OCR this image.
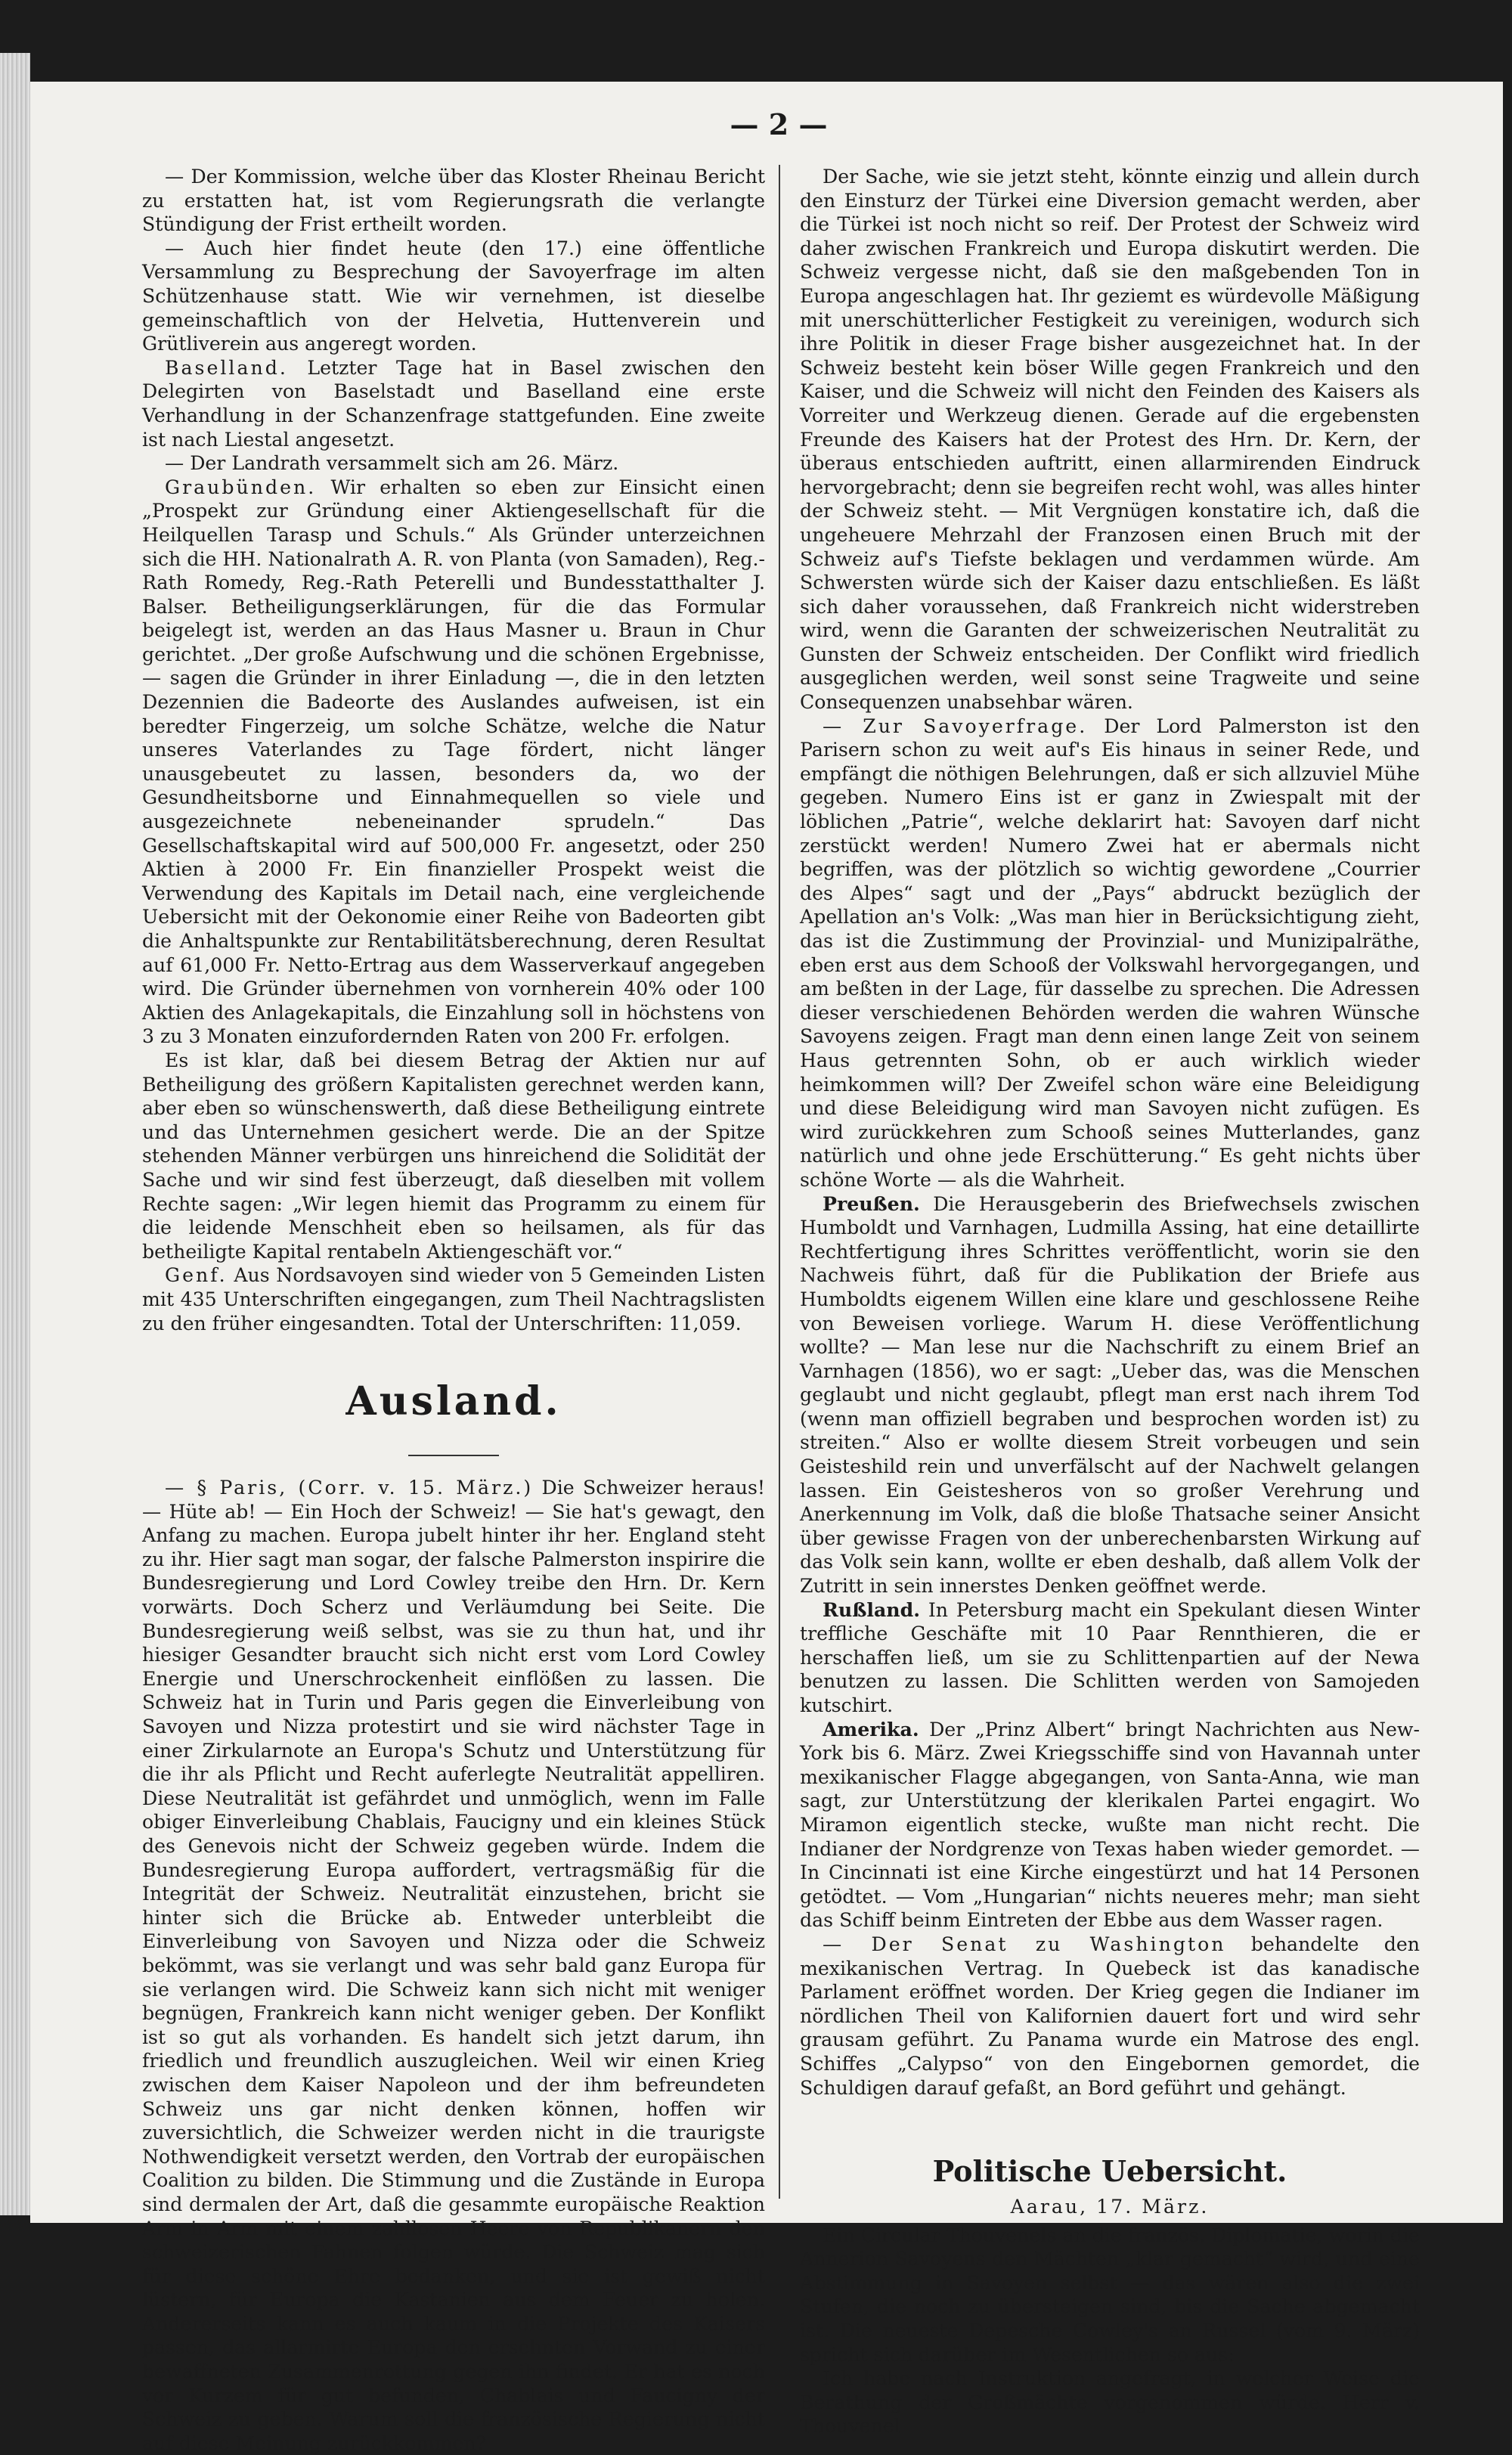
— 2 —

— Der Kommission, welche über das Kloster Rheinau Bericht zu erstatten hat, ist vom Regierungsrath die verlangte Stündigung der Frist ertheilt worden.

— Auch hier findet heute (den 17.) eine öffentliche Versammlung zu Besprechung der Savoyerfrage im alten Schützenhause statt. Wie wir vernehmen, ist dieselbe gemeinschaftlich von der Helvetia, Huttenverein und Grütliverein aus angeregt worden.

Baselland. Letzter Tage hat in Basel zwischen den Delegirten von Baselstadt und Baselland eine erste Verhandlung in der Schanzenfrage stattgefunden. Eine zweite ist nach Liestal angesetzt.

— Der Landrath versammelt sich am 26. März.

Graubünden. Wir erhalten so eben zur Einsicht einen „Prospekt zur Gründung einer Aktiengesellschaft für die Heilquellen Tarasp und Schuls.“ Als Gründer unterzeichnen sich die HH. Nationalrath A. R. von Planta (von Samaden), Reg.-Rath Romedy, Reg.-Rath Peterelli und Bundesstatthalter J. Balser. Betheiligungserklärungen, für die das Formular beigelegt ist, werden an das Haus Masner u. Braun in Chur gerichtet. „Der große Aufschwung und die schönen Ergebnisse, — sagen die Gründer in ihrer Einladung —, die in den letzten Dezennien die Badeorte des Auslandes aufweisen, ist ein beredter Fingerzeig, um solche Schätze, welche die Natur unseres Vaterlandes zu Tage fördert, nicht länger unausgebeutet zu lassen, besonders da, wo der Gesundheitsborne und Einnahmequellen so viele und ausgezeichnete nebeneinander sprudeln.“ Das Gesellschaftskapital wird auf 500,000 Fr. angesetzt, oder 250 Aktien à 2000 Fr. Ein finanzieller Prospekt weist die Verwendung des Kapitals im Detail nach, eine vergleichende Uebersicht mit der Oekonomie einer Reihe von Badeorten gibt die Anhaltspunkte zur Rentabilitätsberechnung, deren Resultat auf 61,000 Fr. Netto-Ertrag aus dem Wasserverkauf angegeben wird. Die Gründer übernehmen von vornherein 40% oder 100 Aktien des Anlagekapitals, die Einzahlung soll in höchstens von 3 zu 3 Monaten einzufordernden Raten von 200 Fr. erfolgen.

Es ist klar, daß bei diesem Betrag der Aktien nur auf Betheiligung des größern Kapitalisten gerechnet werden kann, aber eben so wünschenswerth, daß diese Betheiligung eintrete und das Unternehmen gesichert werde. Die an der Spitze stehenden Männer verbürgen uns hinreichend die Solidität der Sache und wir sind fest überzeugt, daß dieselben mit vollem Rechte sagen: „Wir legen hiemit das Programm zu einem für die leidende Menschheit eben so heilsamen, als für das betheiligte Kapital rentabeln Aktiengeschäft vor.“

Genf. Aus Nordsavoyen sind wieder von 5 Gemeinden Listen mit 435 Unterschriften eingegangen, zum Theil Nachtragslisten zu den früher eingesandten. Total der Unterschriften: 11,059.

Ausland.

— § Paris, (Corr. v. 15. März.) Die Schweizer heraus! — Hüte ab! — Ein Hoch der Schweiz! — Sie hat's gewagt, den Anfang zu machen. Europa jubelt hinter ihr her. England steht zu ihr. Hier sagt man sogar, der falsche Palmerston inspirire die Bundesregierung und Lord Cowley treibe den Hrn. Dr. Kern vorwärts. Doch Scherz und Verläumdung bei Seite. Die Bundesregierung weiß selbst, was sie zu thun hat, und ihr hiesiger Gesandter braucht sich nicht erst vom Lord Cowley Energie und Unerschrockenheit einflößen zu lassen. Die Schweiz hat in Turin und Paris gegen die Einverleibung von Savoyen und Nizza protestirt und sie wird nächster Tage in einer Zirkularnote an Europa's Schutz und Unterstützung für die ihr als Pflicht und Recht auferlegte Neutralität appelliren. Diese Neutralität ist gefährdet und unmöglich, wenn im Falle obiger Einverleibung Chablais, Faucigny und ein kleines Stück des Genevois nicht der Schweiz gegeben würde. Indem die Bundesregierung Europa auffordert, vertragsmäßig für die Integrität der Schweiz. Neutralität einzustehen, bricht sie hinter sich die Brücke ab. Entweder unterbleibt die Einverleibung von Savoyen und Nizza oder die Schweiz bekömmt, was sie verlangt und was sehr bald ganz Europa für sie verlangen wird. Die Schweiz kann sich nicht mit weniger begnügen, Frankreich kann nicht weniger geben. Der Konflikt ist so gut als vorhanden. Es handelt sich jetzt darum, ihn friedlich und freundlich auszugleichen. Weil wir einen Krieg zwischen dem Kaiser Napoleon und der ihm befreundeten Schweiz uns gar nicht denken können, hoffen wir zuversichtlich, die Schweizer werden nicht in die traurigste Nothwendigkeit versetzt werden, den Vortrab der europäischen Coalition zu bilden. Die Stimmung und die Zustände in Europa sind dermalen der Art, daß die gesammte europäische Reaktion Arm in Arm mit einem zahllosen Heere von Republikanern den schweizerischen Fahnen folgen würde. Die Schweiz mag sich für diese schöne Ehre bedanken, und sie ist gewiß nicht lüstern, für Europa die Kastanien aus dem Feuer zu holen. Andererseits kann es auch kaum in die Projekte des Kaisers passen, das allarmirte Europa den ersehnten Vorwand zu einer bewaffneten Zusammenrottung gegen ihn findet. Er hat es noch vor Kurzem für gut befunden, Chablais und Faucigny der Schweiz zu geben. Warum soll die französische Regierung nicht auf diese Meinung zurückkommen?

Der Sache, wie sie jetzt steht, könnte einzig und allein durch den Einsturz der Türkei eine Diversion gemacht werden, aber die Türkei ist noch nicht so reif. Der Protest der Schweiz wird daher zwischen Frankreich und Europa diskutirt werden. Die Schweiz vergesse nicht, daß sie den maßgebenden Ton in Europa angeschlagen hat. Ihr geziemt es würdevolle Mäßigung mit unerschütterlicher Festigkeit zu vereinigen, wodurch sich ihre Politik in dieser Frage bisher ausgezeichnet hat. In der Schweiz besteht kein böser Wille gegen Frankreich und den Kaiser, und die Schweiz will nicht den Feinden des Kaisers als Vorreiter und Werkzeug dienen. Gerade auf die ergebensten Freunde des Kaisers hat der Protest des Hrn. Dr. Kern, der überaus entschieden auftritt, einen allarmirenden Eindruck hervorgebracht; denn sie begreifen recht wohl, was alles hinter der Schweiz steht. — Mit Vergnügen konstatire ich, daß die ungeheuere Mehrzahl der Franzosen einen Bruch mit der Schweiz auf's Tiefste beklagen und verdammen würde. Am Schwersten würde sich der Kaiser dazu entschließen. Es läßt sich daher voraussehen, daß Frankreich nicht widerstreben wird, wenn die Garanten der schweizerischen Neutralität zu Gunsten der Schweiz entscheiden. Der Conflikt wird friedlich ausgeglichen werden, weil sonst seine Tragweite und seine Consequenzen unabsehbar wären.

— Zur Savoyerfrage. Der Lord Palmerston ist den Parisern schon zu weit auf's Eis hinaus in seiner Rede, und empfängt die nöthigen Belehrungen, daß er sich allzuviel Mühe gegeben. Numero Eins ist er ganz in Zwiespalt mit der löblichen „Patrie“, welche deklarirt hat: Savoyen darf nicht zerstückt werden! Numero Zwei hat er abermals nicht begriffen, was der plötzlich so wichtig gewordene „Courrier des Alpes“ sagt und der „Pays“ abdruckt bezüglich der Apellation an's Volk: „Was man hier in Berücksichtigung zieht, das ist die Zustimmung der Provinzial- und Munizipalräthe, eben erst aus dem Schooß der Volkswahl hervorgegangen, und am beßten in der Lage, für dasselbe zu sprechen. Die Adressen dieser verschiedenen Behörden werden die wahren Wünsche Savoyens zeigen. Fragt man denn einen lange Zeit von seinem Haus getrennten Sohn, ob er auch wirklich wieder heimkommen will? Der Zweifel schon wäre eine Beleidigung und diese Beleidigung wird man Savoyen nicht zufügen. Es wird zurückkehren zum Schooß seines Mutterlandes, ganz natürlich und ohne jede Erschütterung.“ Es geht nichts über schöne Worte — als die Wahrheit.

Preußen. Die Herausgeberin des Briefwechsels zwischen Humboldt und Varnhagen, Ludmilla Assing, hat eine detaillirte Rechtfertigung ihres Schrittes veröffentlicht, worin sie den Nachweis führt, daß für die Publikation der Briefe aus Humboldts eigenem Willen eine klare und geschlossene Reihe von Beweisen vorliege. Warum H. diese Veröffentlichung wollte? — Man lese nur die Nachschrift zu einem Brief an Varnhagen (1856), wo er sagt: „Ueber das, was die Menschen geglaubt und nicht geglaubt, pflegt man erst nach ihrem Tod (wenn man offiziell begraben und besprochen worden ist) zu streiten.“ Also er wollte diesem Streit vorbeugen und sein Geisteshild rein und unverfälscht auf der Nachwelt gelangen lassen. Ein Geistesheros von so großer Verehrung und Anerkennung im Volk, daß die bloße Thatsache seiner Ansicht über gewisse Fragen von der unberechenbarsten Wirkung auf das Volk sein kann, wollte er eben deshalb, daß allem Volk der Zutritt in sein innerstes Denken geöffnet werde.

Rußland. In Petersburg macht ein Spekulant diesen Winter treffliche Geschäfte mit 10 Paar Rennthieren, die er herschaffen ließ, um sie zu Schlittenpartien auf der Newa benutzen zu lassen. Die Schlitten werden von Samojeden kutschirt.

Amerika. Der „Prinz Albert“ bringt Nachrichten aus New-York bis 6. März. Zwei Kriegsschiffe sind von Havannah unter mexikanischer Flagge abgegangen, von Santa-Anna, wie man sagt, zur Unterstützung der klerikalen Partei engagirt. Wo Miramon eigentlich stecke, wußte man nicht recht. Die Indianer der Nordgrenze von Texas haben wieder gemordet. — In Cincinnati ist eine Kirche eingestürzt und hat 14 Personen getödtet. — Vom „Hungarian“ nichts neueres mehr; man sieht das Schiff beinm Eintreten der Ebbe aus dem Wasser ragen.

— Der Senat zu Washington behandelte den mexikanischen Vertrag. In Quebeck ist das kanadische Parlament eröffnet worden. Der Krieg gegen die Indianer im nördlichen Theil von Kalifornien dauert fort und wird sehr grausam geführt. Zu Panama wurde ein Matrose des engl. Schiffes „Calypso“ von den Eingebornen gemordet, die Schuldigen darauf gefaßt, an Bord geführt und gehängt.

Politische Uebersicht.
Aarau, 17. März.

Ein Circular Thouvenels an die französ. Diplomatie, worin die Annerion Savoyens den Mächten „klar gemacht“ wird, und eine Abstimmung in Savoyen selbst — das wären also die zwei Stufen, die noch zu übersteigen sind, bis die Sache abgemacht ist. Die neueste Depesche Cowley's an Russel (vom 9. März) spricht sich darüber im Wesentlichen so aus:

Ich habe nach Instruktion angefragt, in welcher Weise die Berathung der Großmächte vorgenommen würde. Herr v. Thouvenel
